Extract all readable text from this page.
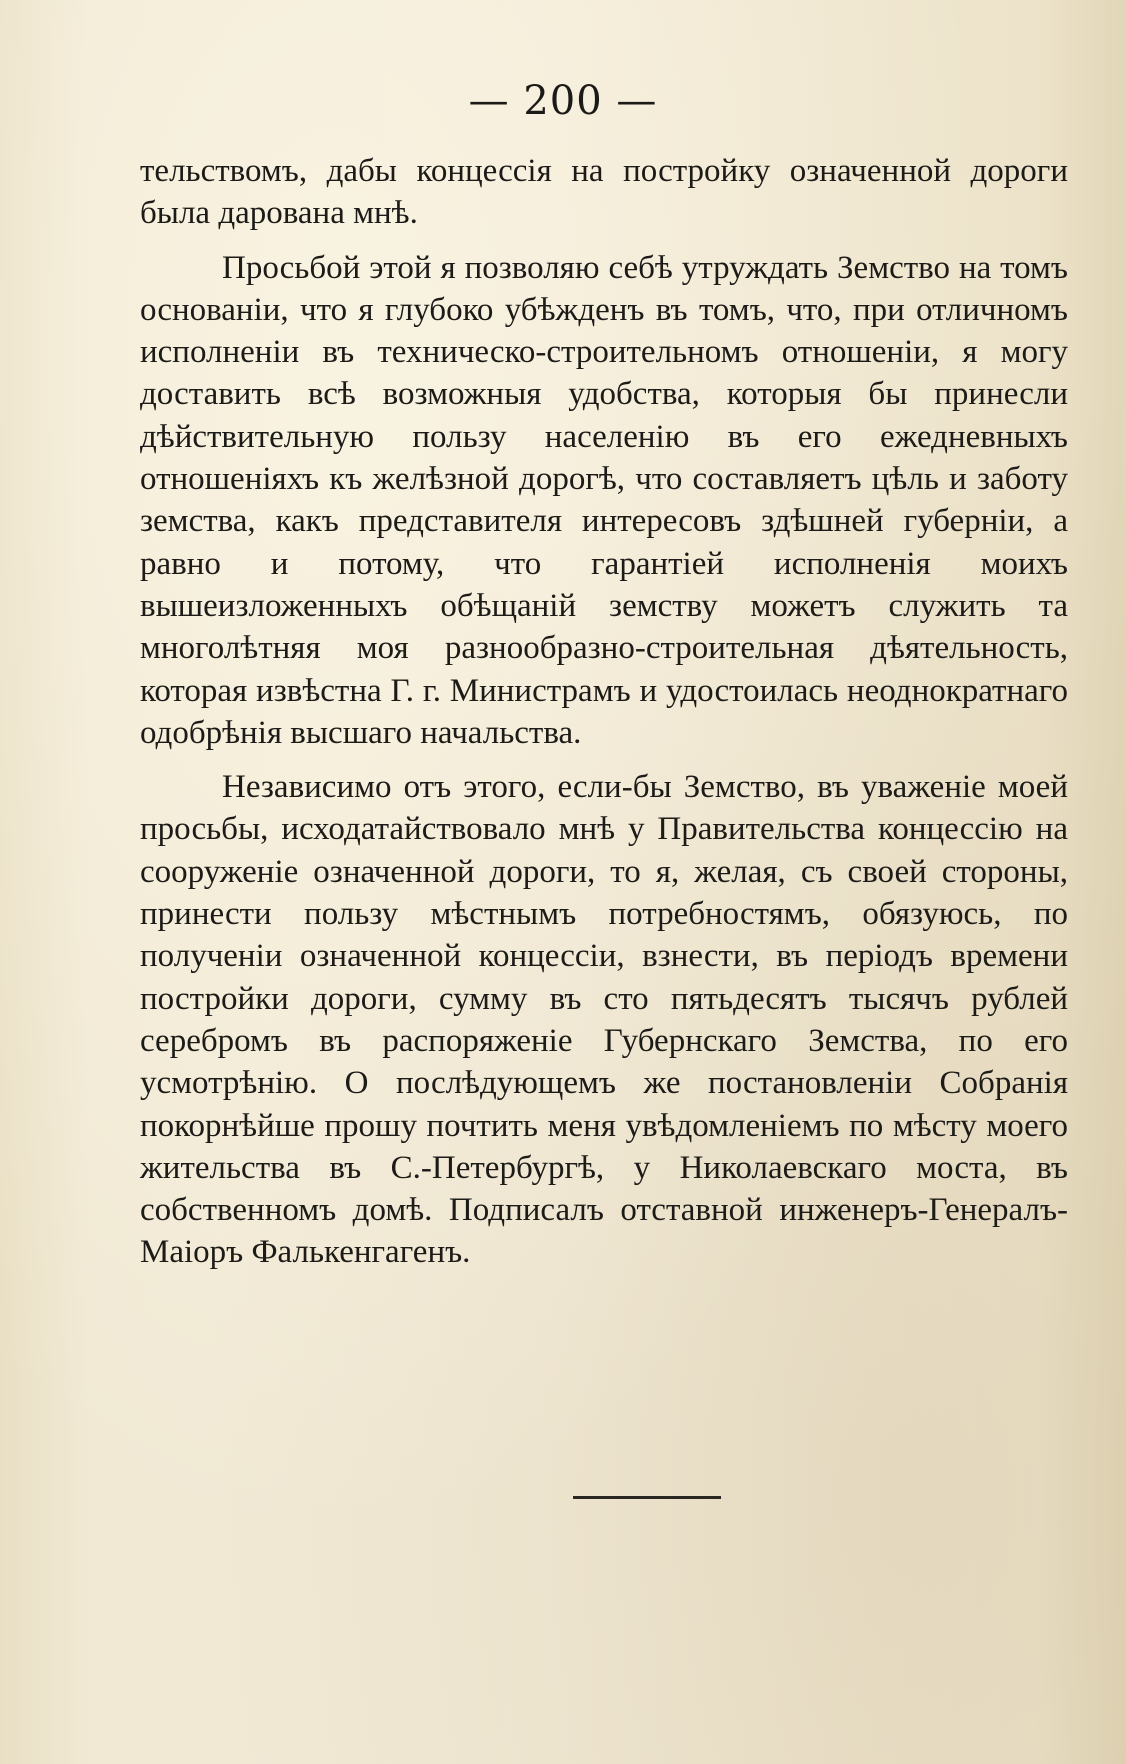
— 200 —

тельствомъ, дабы концессія на постройку означенной дороги была дарована мнѣ.

Просьбой этой я позволяю себѣ утруждать Земство на томъ основаніи, что я глубоко убѣжденъ въ томъ, что, при отличномъ исполненіи въ техническо-строительномъ отношеніи, я могу доставить всѣ возможныя удобства, которыя бы принесли дѣйствительную пользу населенію въ его ежедневныхъ отношеніяхъ къ желѣзной дорогѣ, что составляетъ цѣль и заботу земства, какъ представителя интересовъ здѣшней губерніи, а равно и потому, что гарантіей исполненія моихъ вышеизложенныхъ обѣщаній земству можетъ служить та многолѣтняя моя разнообразно-строительная дѣятельность, которая извѣстна Г. г. Министрамъ и удостоилась неоднократнаго одобрѣнія высшаго начальства.

Независимо отъ этого, если-бы Земство, въ уваженіе моей просьбы, исходатайствовало мнѣ у Правительства концессію на сооруженіе означенной дороги, то я, желая, съ своей стороны, принести пользу мѣстнымъ потребностямъ, обязуюсь, по полученіи означенной концессіи, взнести, въ періодъ времени постройки дороги, сумму въ сто пятьдесятъ тысячъ рублей серебромъ въ распоряженіе Губернскаго Земства, по его усмотрѣнію. О послѣдующемъ же постановленіи Собранія покорнѣйше прошу почтить меня увѣдомленіемъ по мѣсту моего жительства въ С.-Петербургѣ, у Николаевскаго моста, въ собственномъ домѣ. Подписалъ отставной инженеръ-Генералъ-Маіоръ Фалькенгагенъ.
